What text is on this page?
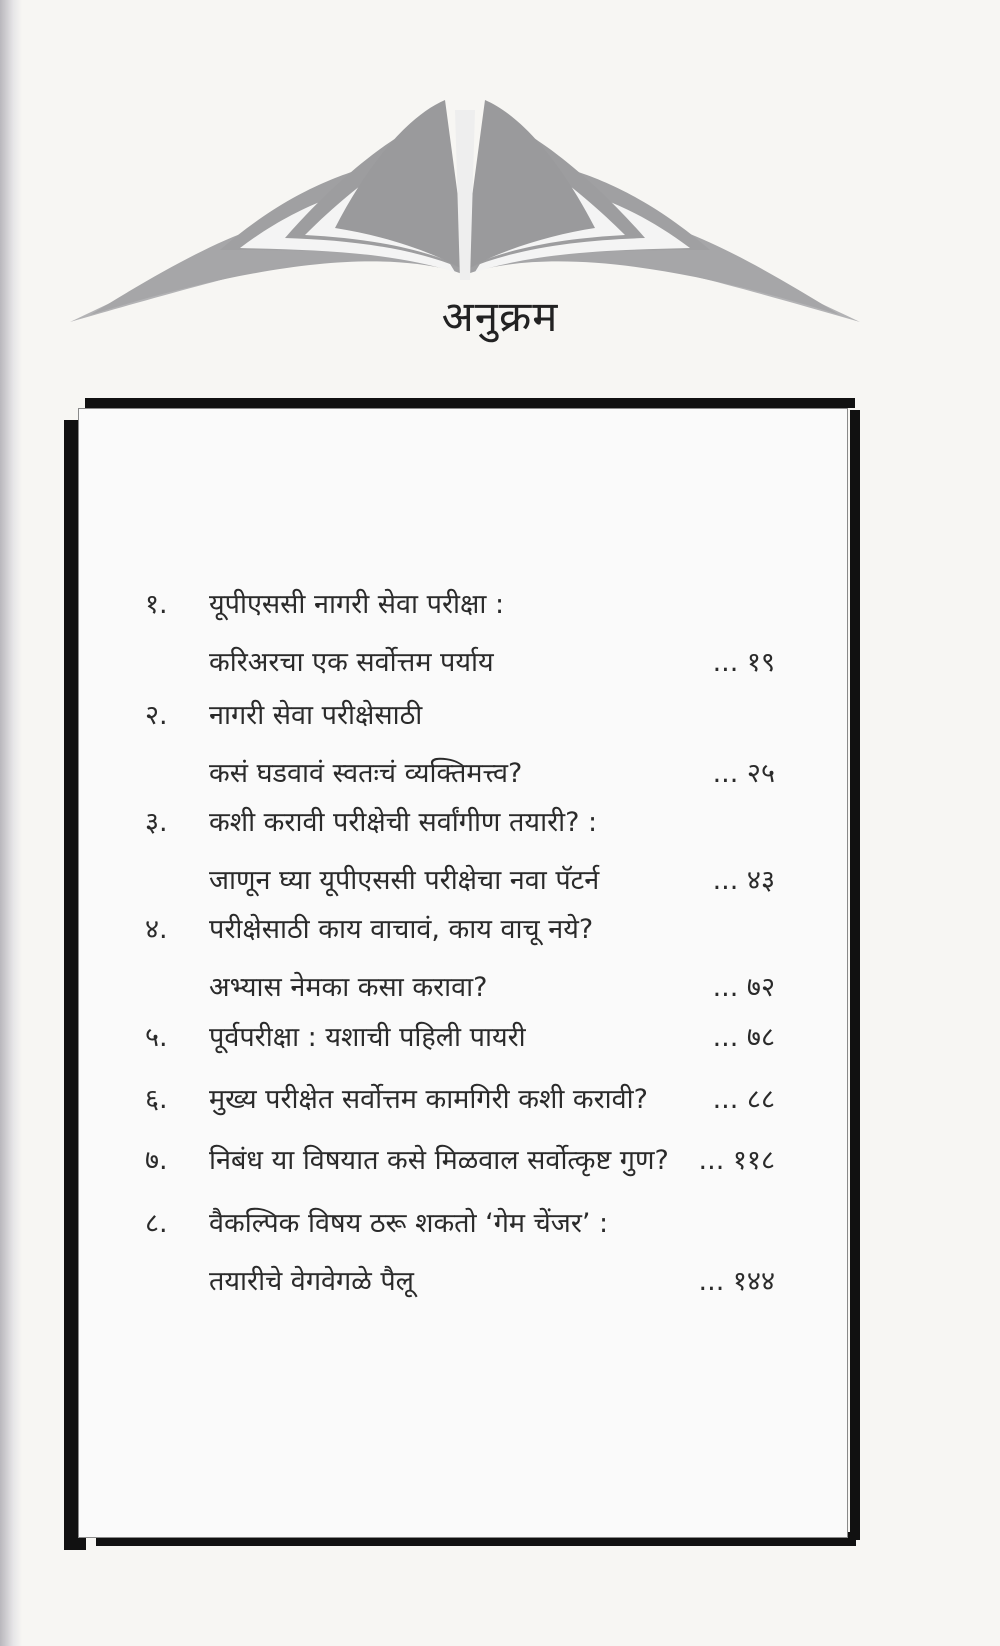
अनुक्रम
१. यूपीएससी नागरी सेवा परीक्षा :
करिअरचा एक सर्वोत्तम पर्याय	... १९
२. नागरी सेवा परीक्षेसाठी
कसं घडवावं स्वतःचं व्यक्तिमत्त्व?	... २५
३. कशी करावी परीक्षेची सर्वांगीण तयारी? :
जाणून घ्या यूपीएससी परीक्षेचा नवा पॅटर्न	... ४३
४. परीक्षेसाठी काय वाचावं, काय वाचू नये?
अभ्यास नेमका कसा करावा?	... ७२
५. पूर्वपरीक्षा : यशाची पहिली पायरी	... ७८
६. मुख्य परीक्षेत सर्वोत्तम कामगिरी कशी करावी? ... ८८
७. निबंध या विषयात कसे मिळवाल सर्वोत्कृष्ट गुण? ... ११८
८. वैकल्पिक विषय ठरू शकतो ‘गेम चेंजर’ :
तयारीचे वेगवेगळे पैलू	... १४४
